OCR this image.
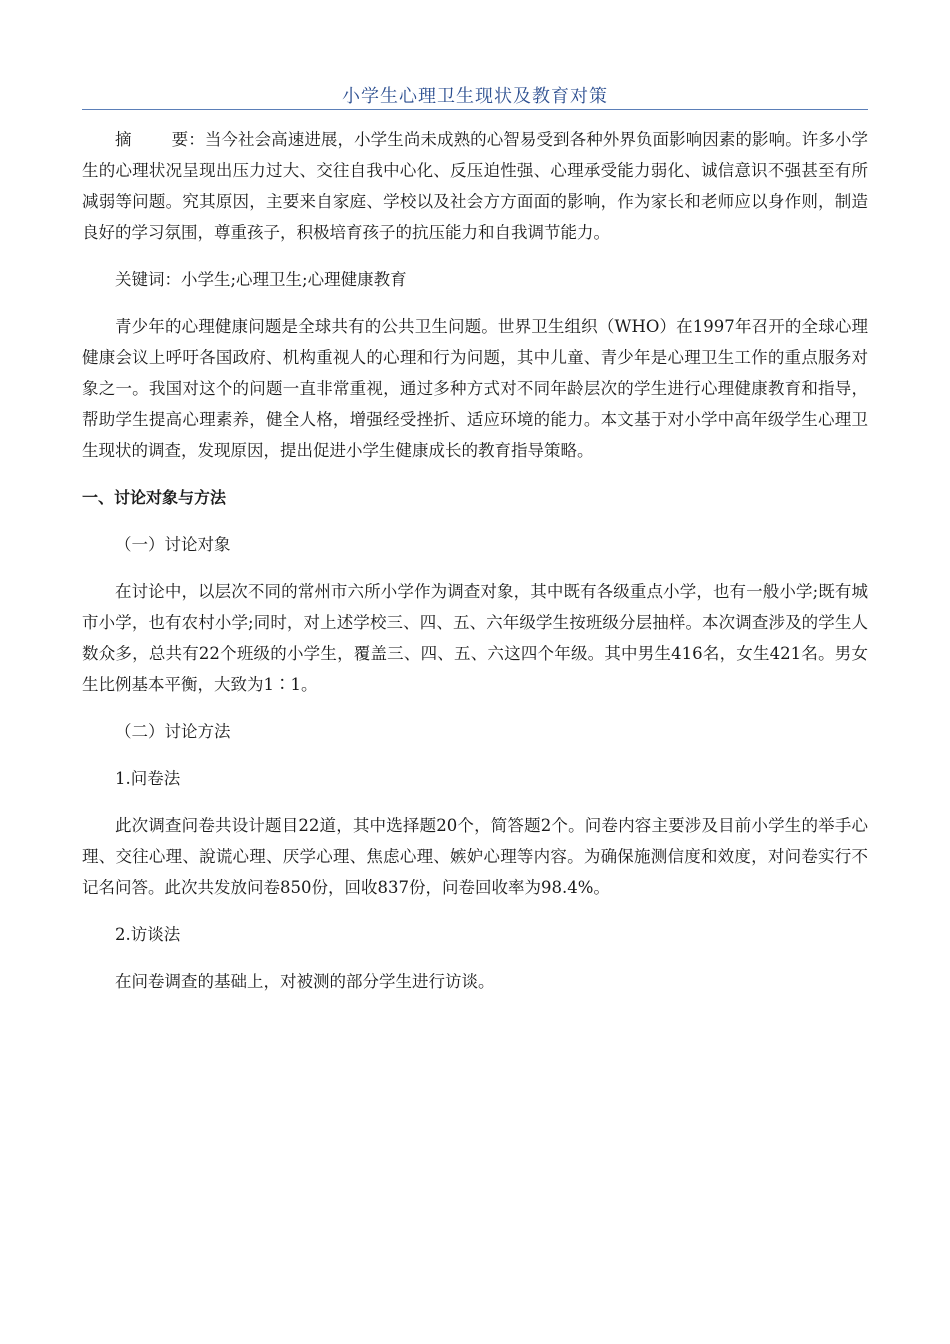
小学生心理卫生现状及教育对策

摘 要：当今社会高速进展，小学生尚未成熟的心智易受到各种外界负面影响因素的影响。许多小学生的心理状况呈现出压力过大、交往自我中心化、反压迫性强、心理承受能力弱化、诚信意识不强甚至有所减弱等问题。究其原因，主要来自家庭、学校以及社会方方面面的影响，作为家长和老师应以身作则，制造良好的学习氛围，尊重孩子，积极培育孩子的抗压能力和自我调节能力。

关键词：小学生;心理卫生;心理健康教育

青少年的心理健康问题是全球共有的公共卫生问题。世界卫生组织（WHO）在1997年召开的全球心理健康会议上呼吁各国政府、机构重视人的心理和行为问题，其中儿童、青少年是心理卫生工作的重点服务对象之一。我国对这个的问题一直非常重视，通过多种方式对不同年龄层次的学生进行心理健康教育和指导，帮助学生提高心理素养，健全人格，增强经受挫折、适应环境的能力。本文基于对小学中高年级学生心理卫生现状的调查，发现原因，提出促进小学生健康成长的教育指导策略。

一、讨论对象与方法

（一）讨论对象

在讨论中，以层次不同的常州市六所小学作为调查对象，其中既有各级重点小学，也有一般小学;既有城市小学，也有农村小学;同时，对上述学校三、四、五、六年级学生按班级分层抽样。本次调查涉及的学生人数众多，总共有22个班级的小学生，覆盖三、四、五、六这四个年级。其中男生416名，女生421名。男女生比例基本平衡，大致为1∶1。

（二）讨论方法

1.问卷法

此次调查问卷共设计题目22道，其中选择题20个，简答题2个。问卷内容主要涉及目前小学生的举手心理、交往心理、說谎心理、厌学心理、焦虑心理、嫉妒心理等内容。为确保施测信度和效度，对问卷实行不记名问答。此次共发放问卷850份，回收837份，问卷回收率为98.4%。

2.访谈法

在问卷调查的基础上，对被测的部分学生进行访谈。
